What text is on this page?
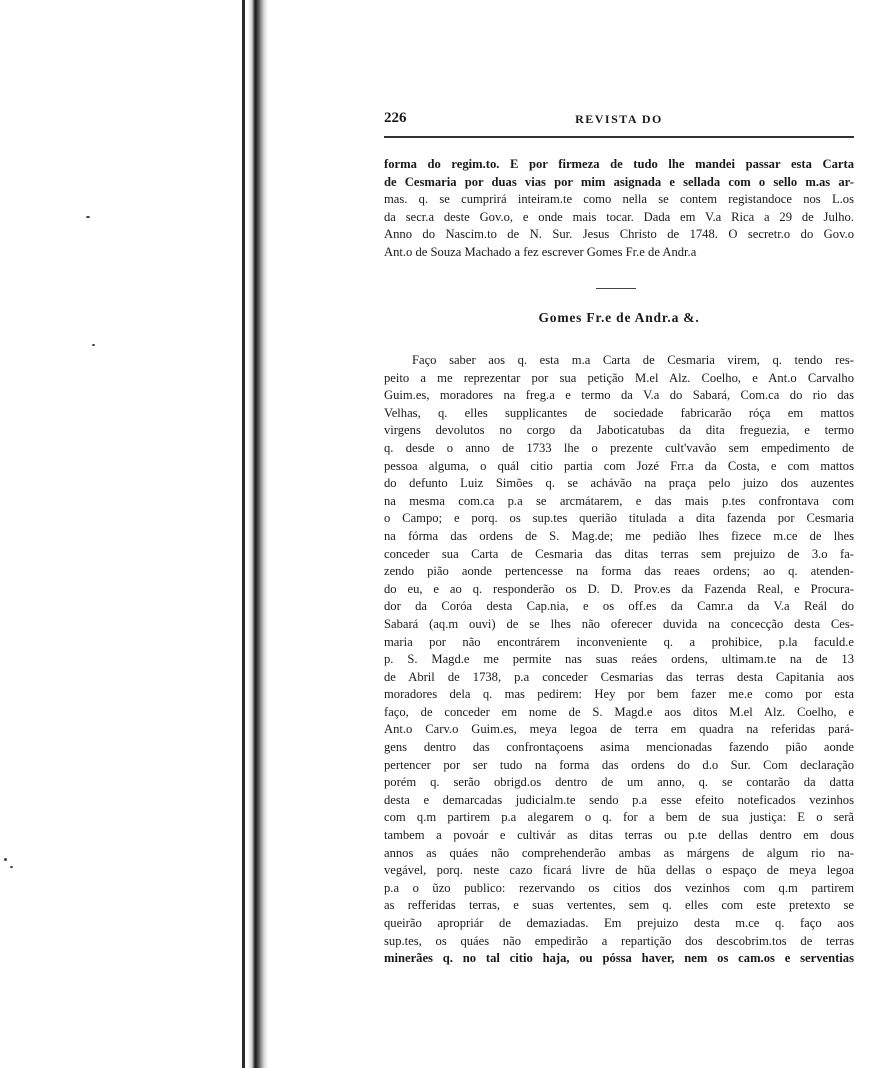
226	REVISTA DO

forma do regim.to. E por firmeza de tudo lhe mandei passar esta Carta

de Cesmaria por duas vias por mim asignada e sellada com o sello m.as ar-

mas. q. se cumprirá inteiram.te como nella se contem registandoce nos L.os

da secr.a deste Gov.o, e onde mais tocar. Dada em V.a Rica a 29 de Julho.

Anno do Nascim.to de N. Sur. Jesus Christo de 1748. O secretr.o do Gov.o

Ant.o de Souza Machado a fez escrever Gomes Fr.e de Andr.a

Gomes Fr.e de Andr.a &.

Faço saber aos q. esta m.a Carta de Cesmaria virem, q. tendo res-

peito a me reprezentar por sua petição M.el Alz. Coelho, e Ant.o Carvalho

Guim.es, moradores na freg.a e termo da V.a do Sabará, Com.ca do rio das

Velhas, q. elles supplicantes de sociedade fabricarão róça em mattos

virgens devolutos no corgo da Jaboticatubas da dita freguezia, e termo

q. desde o anno de 1733 lhe o prezente cult'vavão sem empedimento de

pessoa alguma, o quál citio partia com Jozé Frr.a da Costa, e com mattos

do defunto Luiz Simões q. se achávão na praça pelo juizo dos auzentes

na mesma com.ca p.a se arcmátarem, e das mais p.tes confrontava com

o Campo; e porq. os sup.tes querião titulada a dita fazenda por Cesmaria

na fórma das ordens de S. Mag.de; me pedião lhes fizece m.ce de lhes

conceder sua Carta de Cesmaria das ditas terras sem prejuizo de 3.o fa-

zendo pião aonde pertencesse na forma das reaes ordens; ao q. atenden-

do eu, e ao q. responderão os D. D. Prov.es da Fazenda Real, e Procura-

dor da Coróa desta Cap.nia, e os off.es da Camr.a da V.a Reál do

Sabará (aq.m ouvi) de se lhes não oferecer duvida na concecção desta Ces-

maria por não encontrárem inconveniente q. a prohibice, p.la faculd.e

p. S. Magd.e me permite nas suas reáes ordens, ultimam.te na de 13

de Abril de 1738, p.a conceder Cesmarias das terras desta Capitania aos

moradores dela q. mas pedirem: Hey por bem fazer me.e como por esta

faço, de conceder em nome de S. Magd.e aos ditos M.el Alz. Coelho, e

Ant.o Carv.o Guim.es, meya legoa de terra em quadra na referidas pará-

gens dentro das confrontaçoens asima mencionadas fazendo pião aonde

pertencer por ser tudo na forma das ordens do d.o Sur. Com declaração

porém q. serão obrigd.os dentro de um anno, q. se contarão da datta

desta e demarcadas judicialm.te sendo p.a esse efeito noteficados vezinhos

com q.m partirem p.a alegarem o q. for a bem de sua justiça: E o serã

tambem a povoár e cultivár as ditas terras ou p.te dellas dentro em dous

annos as quáes não comprehenderão ambas as márgens de algum rio na-

vegável, porq. neste cazo ficará livre de hũa dellas o espaço de meya legoa

p.a o ũzo publico: rezervando os citios dos vezinhos com q.m partirem

as refferidas terras, e suas vertentes, sem q. elles com este pretexto se

queirão apropriár de demaziadas. Em prejuizo desta m.ce q. faço aos

sup.tes, os quáes não empedirão a repartição dos descobrim.tos de terras

minerães q. no tal citio haja, ou póssa haver, nem os cam.os e serventias
